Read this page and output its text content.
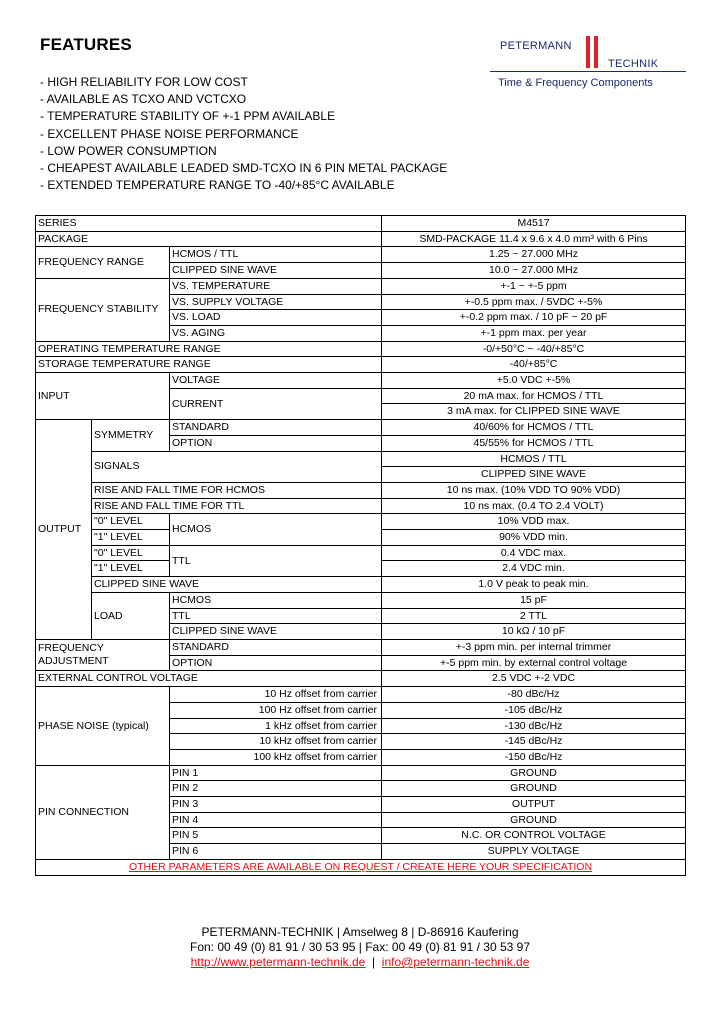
FEATURES	PETERMANN
TECHNIK
Time & Frequency Components
- HIGH RELIABILITY FOR LOW COST
- AVAILABLE AS TCXO AND VCTCXO
- TEMPERATURE STABILITY OF +-1 PPM AVAILABLE
- EXCELLENT PHASE NOISE PERFORMANCE
- LOW POWER CONSUMPTION
- CHEAPEST AVAILABLE LEADED SMD-TCXO IN 6 PIN METAL PACKAGE
- EXTENDED TEMPERATURE RANGE TO -40/+85°C AVAILABLE
SERIES			M4517
PACKAGE			SMD-PACKAGE 11.4 x 9.6 x 4.0 mm³ with 6 Pins
FREQUENCY RANGE		HCMOS / TTL	1.25 ~ 27.000 MHz
		CLIPPED SINE WAVE	10.0 ~ 27.000 MHz
FREQUENCY STABILITY		VS. TEMPERATURE	+-1 ~ +-5 ppm
		VS. SUPPLY VOLTAGE	+-0.5 ppm max. / 5VDC +-5%
		VS. LOAD	+-0.2 ppm max. / 10 pF ~ 20 pF
		VS. AGING	+-1 ppm max. per year
OPERATING TEMPERATURE RANGE			-0/+50°C ~ -40/+85°C
STORAGE TEMPERATURE RANGE			-40/+85°C
INPUT		VOLTAGE	+5.0 VDC +-5%
		CURRENT	20 mA max. for HCMOS / TTL
			3 mA max. for CLIPPED SINE WAVE
OUTPUT	SYMMETRY	STANDARD	40/60% for HCMOS / TTL
		OPTION	45/55% for HCMOS / TTL
	SIGNALS		HCMOS / TTL
			CLIPPED SINE WAVE
	RISE AND FALL TIME FOR HCMOS		10 ns max. (10% VDD TO 90% VDD)
	RISE AND FALL TIME FOR TTL		10 ns max. (0.4 TO 2.4 VOLT)
	"0" LEVEL	HCMOS	10% VDD max.
	"1" LEVEL		90% VDD min.
	"0" LEVEL	TTL	0.4 VDC max.
	"1" LEVEL		2.4 VDC min.
	CLIPPED SINE WAVE		1.0 V peak to peak min.
	LOAD	HCMOS	15 pF
		TTL	2 TTL
		CLIPPED SINE WAVE	10 kΩ / 10 pF
FREQUENCY ADJUSTMENT		STANDARD	+-3 ppm min. per internal trimmer
		OPTION	+-5 ppm min. by external control voltage
EXTERNAL CONTROL VOLTAGE			2.5 VDC +-2 VDC
PHASE NOISE (typical)		10 Hz offset from carrier	-80 dBc/Hz
		100 Hz offset from carrier	-105 dBc/Hz
		1 kHz offset from carrier	-130 dBc/Hz
		10 kHz offset from carrier	-145 dBc/Hz
		100 kHz offset from carrier	-150 dBc/Hz
PIN CONNECTION		PIN 1	GROUND
		PIN 2	GROUND
		PIN 3	OUTPUT
		PIN 4	GROUND
		PIN 5	N.C. OR CONTROL VOLTAGE
		PIN 6	SUPPLY VOLTAGE
OTHER PARAMETERS ARE AVAILABLE ON REQUEST / CREATE HERE YOUR SPECIFICATION			
PETERMANN-TECHNIK | Amselweg 8 | D-86916 Kaufering
Fon: 00 49 (0) 81 91 / 30 53 95 | Fax: 00 49 (0) 81 91 / 30 53 97
http://www.petermann-technik.de  |  info@petermann-technik.de
